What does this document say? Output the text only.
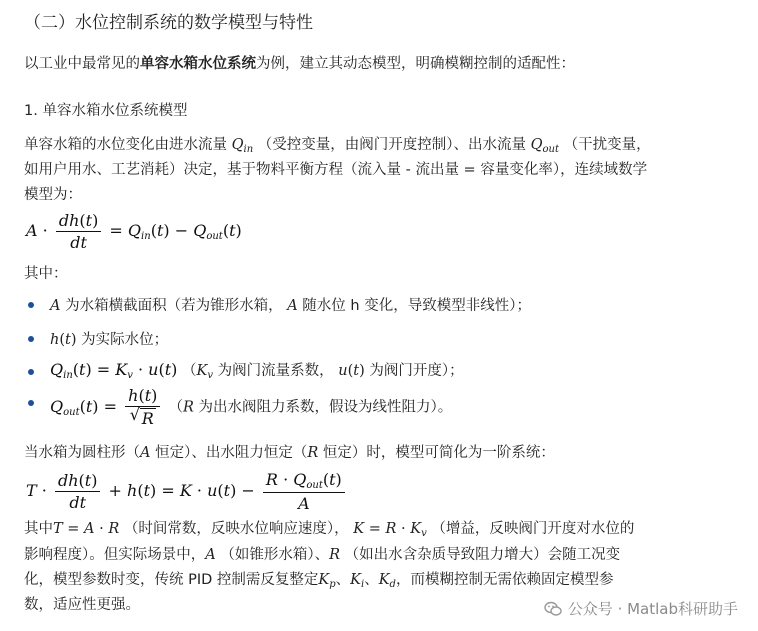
（二）水位控制系统的数学模型与特性
以工业中最常见的单容水箱水位系统为例，建立其动态模型，明确模糊控制的适配性：
1. 单容水箱水位系统模型
单容水箱的水位变化由进水流量 $Q_{in}$ （受控变量，由阀门开度控制）、出水流量 $Q_{out}$ （干扰变量，
如用户用水、工艺消耗）决定，基于物料平衡方程（流入量 - 流出量 = 容量变化率），连续域数学
模型为：
$A \cdot \frac{dh(t)}{dt} = Q_{in}(t) - Q_{out}(t)$
其中：
A 为水箱横截面积（若为锥形水箱， A 随水位 h 变化，导致模型非线性）；
h(t) 为实际水位；
$Q_{in}(t) = K_v \cdot u(t)$ （$K_v$ 为阀门流量系数， u(t) 为阀门开度）；
$Q_{out}(t) = \frac{h(t)}{√ R} (R$ 为出水阀阻力系数，假设为线性阻力）。
当水箱为圆柱形（A 恒定）、出水阻力恒定（R 恒定）时，模型可简化为一阶系统：
$T \cdot \frac{dh(t)}{dt} + h(t) = K \cdot u(t) - \frac{R \cdot Q_{out}(t)}{A}$
其中T = A · R （时间常数，反映水位响应速度）， $K = R \cdot K_v$ （增益，反映阀门开度对水位的
影响程度）。但实际场景中，A （如锥形水箱）、R （如出水含杂质导致阻力增大）会随工况变
化，模型参数时变，传统 PID 控制需反复整定$K_p$、$K_i$、$K_d$，而模糊控制无需依赖固定模型参
数，适应性更强。	公众号 · Matlab科研助手
